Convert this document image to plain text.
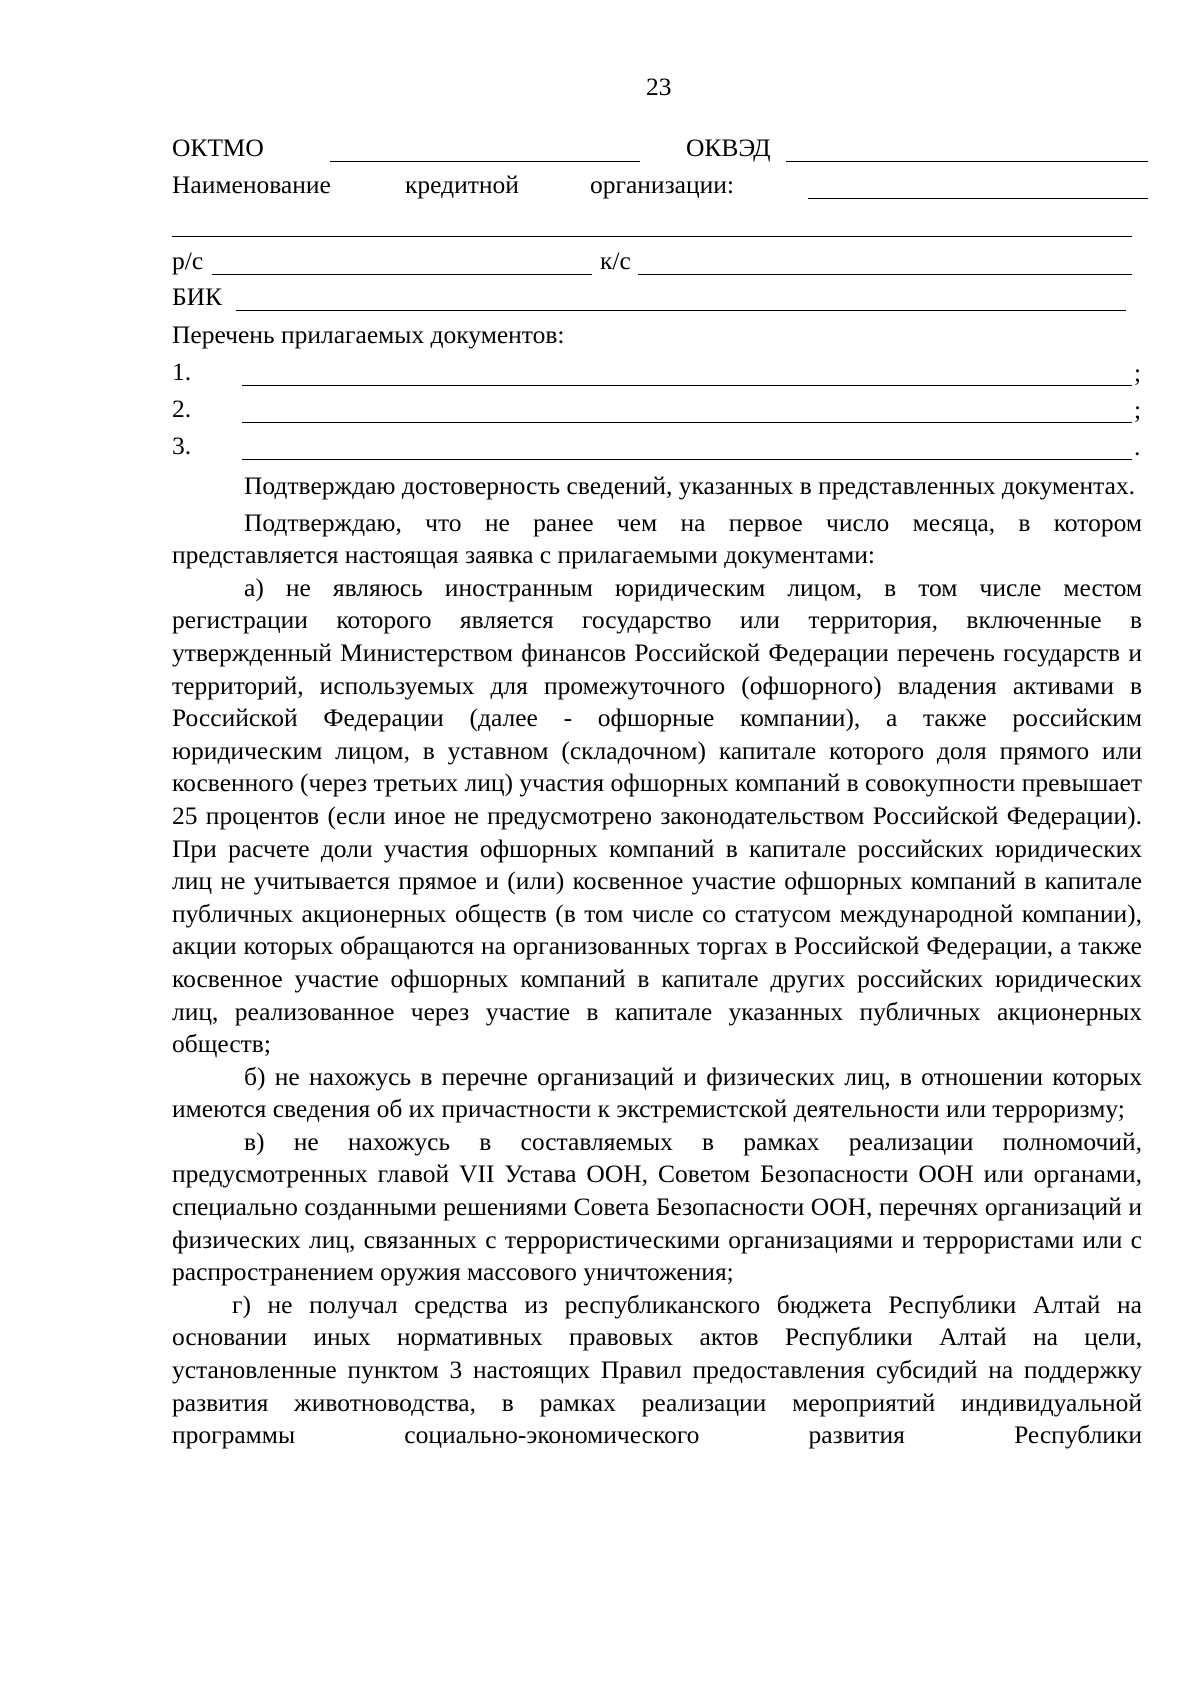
23
ОКТМО	ОКВЭД
Наименование	кредитной	организации:
р/с	к/с
БИК
Перечень прилагаемых документов:
1.	;
2.	;
3.	.

Подтверждаю достоверность сведений, указанных в представленных документах.

Подтверждаю, что не ранее чем на первое число месяца, в котором представляется настоящая заявка с прилагаемыми документами:

а) не являюсь иностранным юридическим лицом, в том числе местом регистрации которого является государство или территория, включенные в утвержденный Министерством финансов Российской Федерации перечень государств и территорий, используемых для промежуточного (офшорного) владения активами в Российской Федерации (далее - офшорные компании), а также российским юридическим лицом, в уставном (складочном) капитале которого доля прямого или косвенного (через третьих лиц) участия офшорных компаний в совокупности превышает 25 процентов (если иное не предусмотрено законодательством Российской Федерации). При расчете доли участия офшорных компаний в капитале российских юридических лиц не учитывается прямое и (или) косвенное участие офшорных компаний в капитале публичных акционерных обществ (в том числе со статусом международной компании), акции которых обращаются на организованных торгах в Российской Федерации, а также косвенное участие офшорных компаний в капитале других российских юридических лиц, реализованное через участие в капитале указанных публичных акционерных обществ;

б) не нахожусь в перечне организаций и физических лиц, в отношении которых имеются сведения об их причастности к экстремистской деятельности или терроризму;

в) не нахожусь в составляемых в рамках реализации полномочий, предусмотренных главой VII Устава ООН, Советом Безопасности ООН или органами, специально созданными решениями Совета Безопасности ООН, перечнях организаций и физических лиц, связанных с террористическими организациями и террористами или с распространением оружия массового уничтожения;

г) не получал средства из республиканского бюджета Республики Алтай на основании иных нормативных правовых актов Республики Алтай на цели, установленные пунктом 3 настоящих Правил предоставления субсидий на поддержку развития животноводства, в рамках реализации мероприятий индивидуальной программы социально-экономического развития Республики
